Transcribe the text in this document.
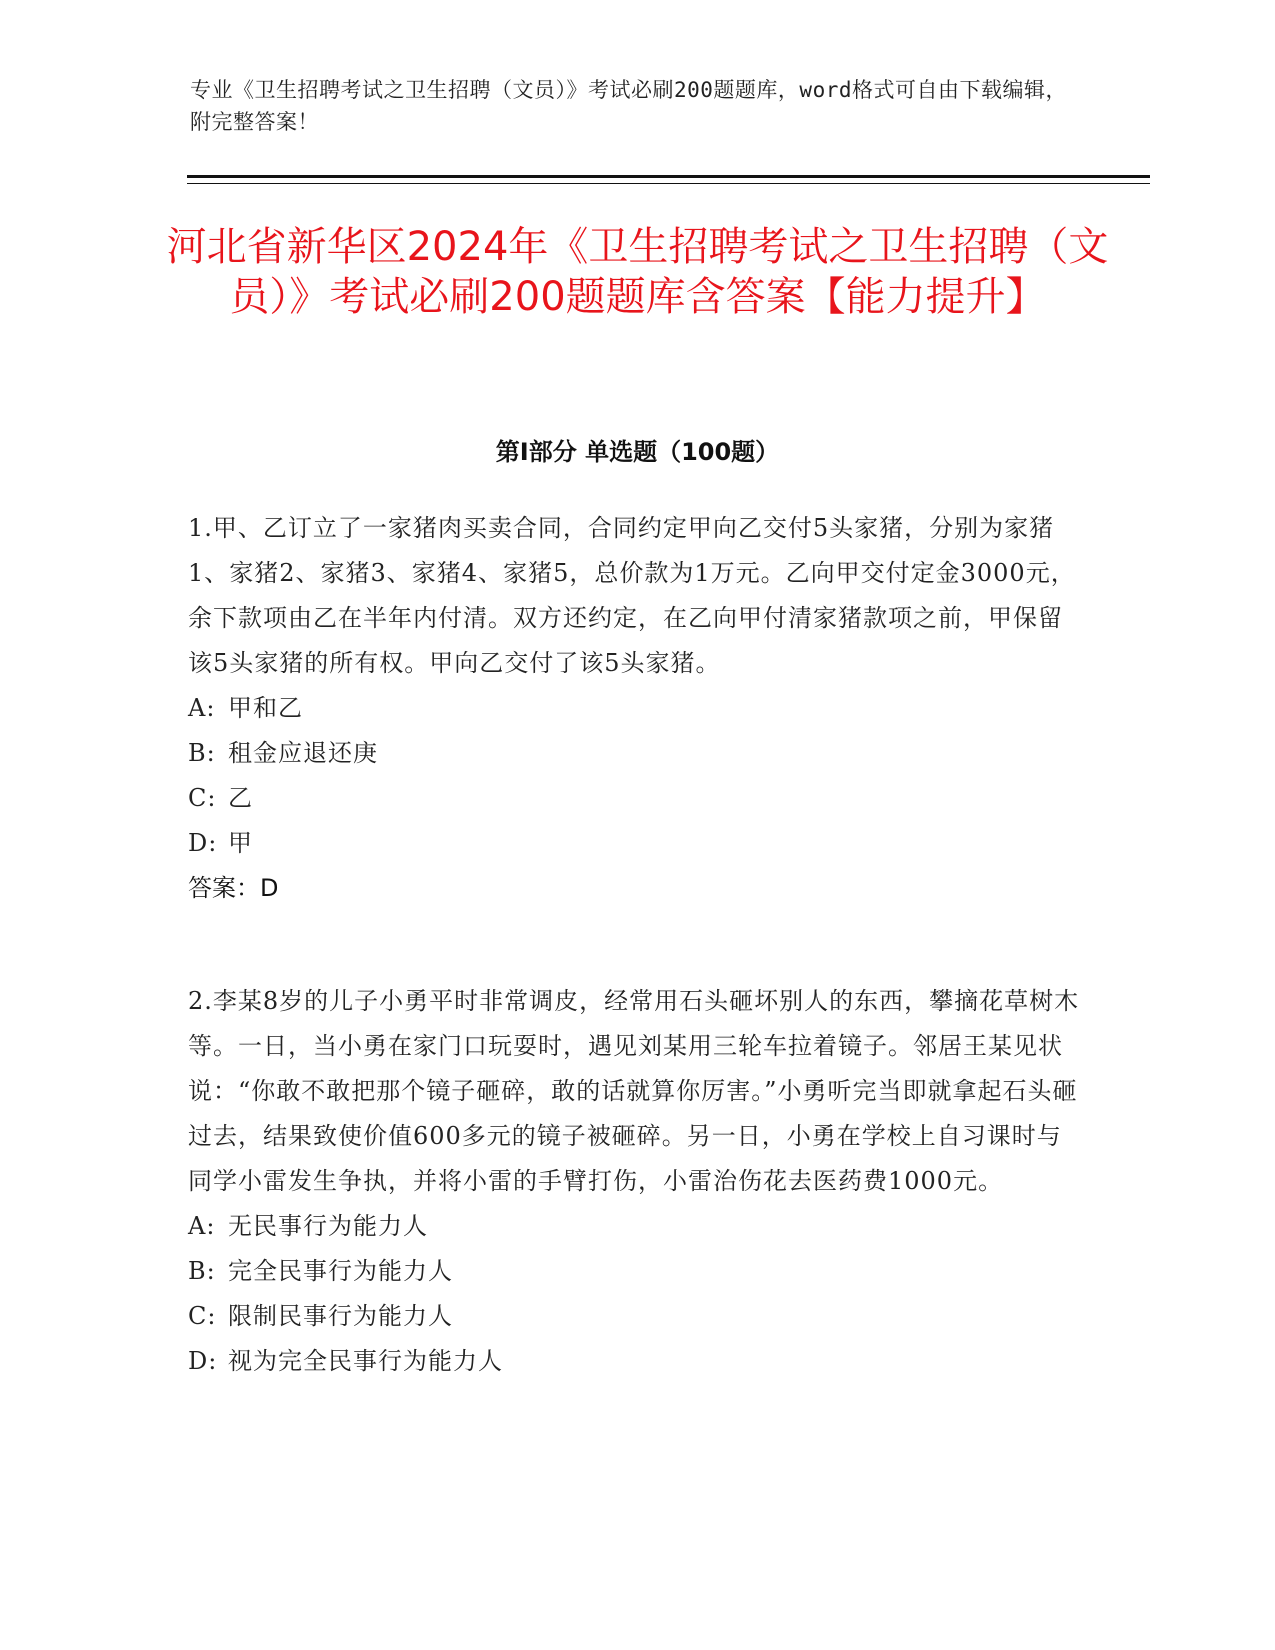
专业《卫生招聘考试之卫生招聘（文员）》考试必刷200题题库，word格式可自由下载编辑，附完整答案！
河北省新华区2024年《卫生招聘考试之卫生招聘（文员）》考试必刷200题题库含答案【能力提升】
第Ⅰ部分 单选题（100题）
1.甲、乙订立了一家猪肉买卖合同，合同约定甲向乙交付5头家猪，分别为家猪1、家猪2、家猪3、家猪4、家猪5，总价款为1万元。乙向甲交付定金3000元，余下款项由乙在半年内付清。双方还约定，在乙向甲付清家猪款项之前，甲保留该5头家猪的所有权。甲向乙交付了该5头家猪。
A: 甲和乙
B: 租金应退还庚
C: 乙
D: 甲
答案：D
2.李某8岁的儿子小勇平时非常调皮，经常用石头砸坏别人的东西，攀摘花草树木等。一日，当小勇在家门口玩耍时，遇见刘某用三轮车拉着镜子。邻居王某见状说：“你敢不敢把那个镜子砸碎，敢的话就算你厉害。”小勇听完当即就拿起石头砸过去，结果致使价值600多元的镜子被砸碎。另一日，小勇在学校上自习课时与同学小雷发生争执，并将小雷的手臂打伤，小雷治伤花去医药费1000元。
A: 无民事行为能力人
B: 完全民事行为能力人
C: 限制民事行为能力人
D: 视为完全民事行为能力人
